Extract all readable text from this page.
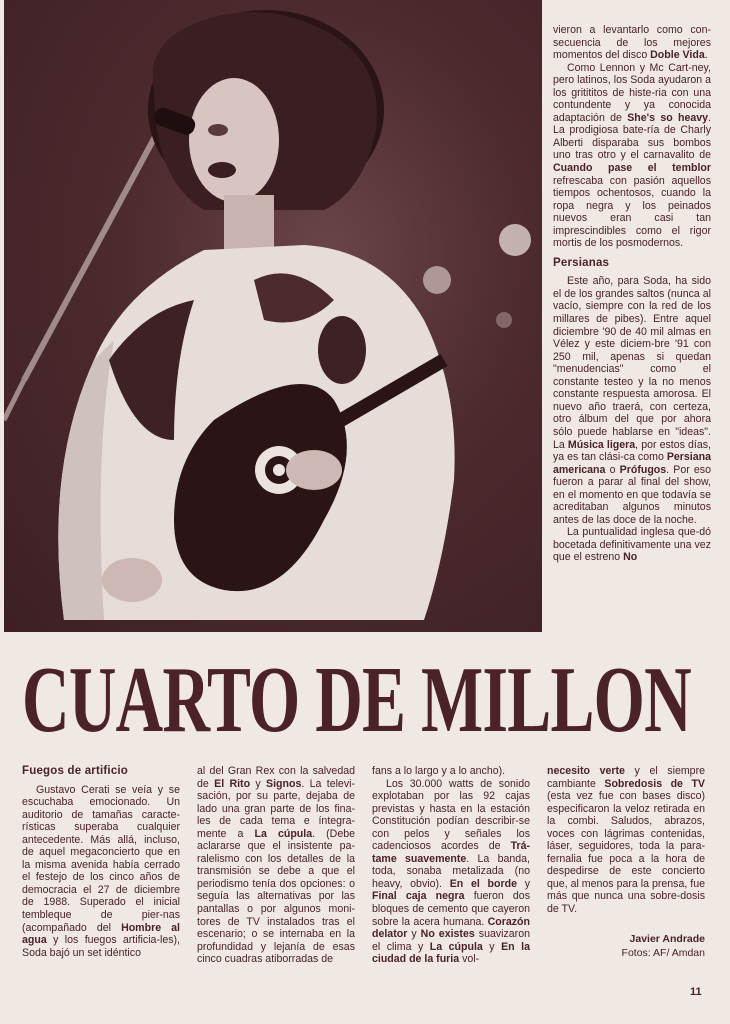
vieron a levantarlo como con-secuencia de los mejores momentos del disco Doble Vida.

Como Lennon y Mc Cart-ney, pero latinos, los Soda ayudaron a los gritititos de histe-ria con una contundente y ya conocida adaptación de She's so heavy. La prodigiosa bate-ría de Charly Alberti disparaba sus bombos uno tras otro y el carnavalito de Cuando pase el temblor refrescaba con pasión aquellos tiempos ochentosos, cuando la ropa negra y los peinados nuevos eran casi tan imprescindibles como el rigor mortis de los posmodernos.

Persianas

Este año, para Soda, ha sido el de los grandes saltos (nunca al vacío, siempre con la red de los millares de pibes). Entre aquel diciembre '90 de 40 mil almas en Vélez y este diciem-bre '91 con 250 mil, apenas si quedan "menudencias" como el constante testeo y la no menos constante respuesta amorosa. El nuevo año traerá, con certeza, otro álbum del que por ahora sólo puede hablarse en "ideas". La Música ligera, por estos días, ya es tan clási-ca como Persiana americana o Prófugos. Por eso fueron a parar al final del show, en el momento en que todavía se acreditaban algunos minutos antes de las doce de la noche.

La puntualidad inglesa que-dó bocetada definitivamente una vez que el estreno No

CUARTO DE MILLON

Fuegos de artificio

Gustavo Cerati se veía y se escuchaba emocionado. Un auditorio de tamañas caracte-rísticas superaba cualquier antecedente. Más allá, incluso, de aquel megaconcierto que en la misma avenida había cerrado el festejo de los cinco años de democracia el 27 de diciembre de 1988. Superado el inicial tembleque de pier-nas (acompañado del Hombre al agua y los fuegos artificia-les), Soda bajó un set idéntico

al del Gran Rex con la salvedad de El Rito y Signos. La televi-sación, por su parte, dejaba de lado una gran parte de los fina-les de cada tema e íntegra-mente a La cúpula. (Debe aclararse que el insistente pa-ralelismo con los detalles de la transmisión se debe a que el periodismo tenía dos opciones: o seguía las alternativas por las pantallas o por algunos moni-tores de TV instalados tras el escenario; o se internaba en la profundidad y lejanía de esas cinco cuadras atiborradas de

fans a lo largo y a lo ancho).

Los 30.000 watts de sonido explotaban por las 92 cajas previstas y hasta en la estación Constitución podían describir-se con pelos y señales los cadenciosos acordes de Trá-tame suavemente. La banda, toda, sonaba metalizada (no heavy, obvio). En el borde y Final caja negra fueron dos bloques de cemento que cayeron sobre la acera humana. Corazón delator y No existes suavizaron el clima y La cúpula y En la ciudad de la furia vol-

necesito verte y el siempre cambiante Sobredosis de TV (esta vez fue con bases disco) especificaron la veloz retirada en la combi. Saludos, abrazos, voces con lágrimas contenidas, láser, seguidores, toda la para-fernalia fue poca a la hora de despedirse de este concierto que, al menos para la prensa, fue más que nunca una sobre-dosis de TV.

Javier Andrade
Fotos: AF/ Amdan
11
